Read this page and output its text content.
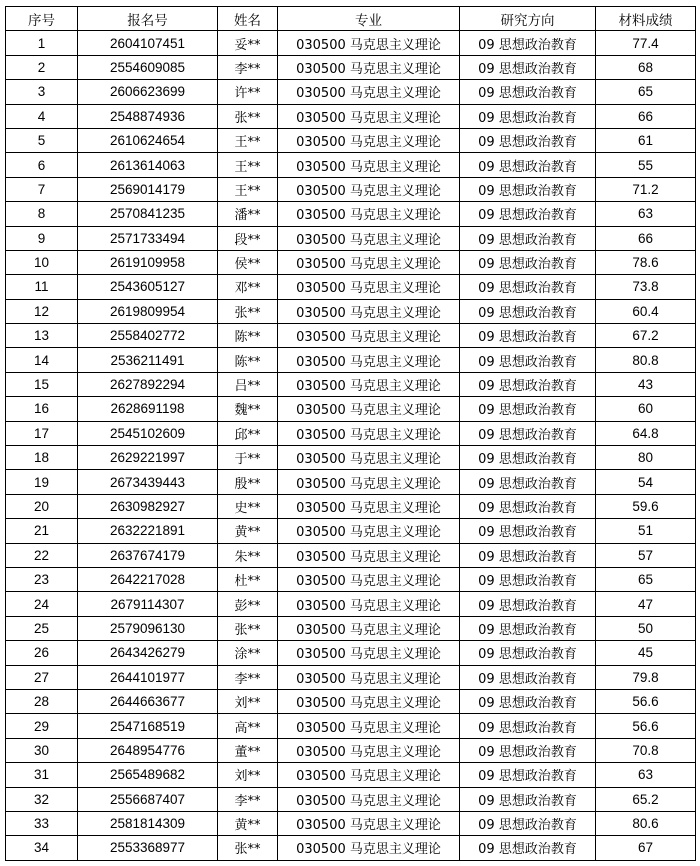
序号	报名号	姓名	专业	研究方向	材料成绩
1	2604107451	妥**	030500 马克思主义理论	09 思想政治教育	77.4
2	2554609085	李**	030500 马克思主义理论	09 思想政治教育	68
3	2606623699	许**	030500 马克思主义理论	09 思想政治教育	65
4	2548874936	张**	030500 马克思主义理论	09 思想政治教育	66
5	2610624654	王**	030500 马克思主义理论	09 思想政治教育	61
6	2613614063	王**	030500 马克思主义理论	09 思想政治教育	55
7	2569014179	王**	030500 马克思主义理论	09 思想政治教育	71.2
8	2570841235	潘**	030500 马克思主义理论	09 思想政治教育	63
9	2571733494	段**	030500 马克思主义理论	09 思想政治教育	66
10	2619109958	侯**	030500 马克思主义理论	09 思想政治教育	78.6
11	2543605127	邓**	030500 马克思主义理论	09 思想政治教育	73.8
12	2619809954	张**	030500 马克思主义理论	09 思想政治教育	60.4
13	2558402772	陈**	030500 马克思主义理论	09 思想政治教育	67.2
14	2536211491	陈**	030500 马克思主义理论	09 思想政治教育	80.8
15	2627892294	吕**	030500 马克思主义理论	09 思想政治教育	43
16	2628691198	魏**	030500 马克思主义理论	09 思想政治教育	60
17	2545102609	邱**	030500 马克思主义理论	09 思想政治教育	64.8
18	2629221997	于**	030500 马克思主义理论	09 思想政治教育	80
19	2673439443	殷**	030500 马克思主义理论	09 思想政治教育	54
20	2630982927	史**	030500 马克思主义理论	09 思想政治教育	59.6
21	2632221891	黄**	030500 马克思主义理论	09 思想政治教育	51
22	2637674179	朱**	030500 马克思主义理论	09 思想政治教育	57
23	2642217028	杜**	030500 马克思主义理论	09 思想政治教育	65
24	2679114307	彭**	030500 马克思主义理论	09 思想政治教育	47
25	2579096130	张**	030500 马克思主义理论	09 思想政治教育	50
26	2643426279	涂**	030500 马克思主义理论	09 思想政治教育	45
27	2644101977	李**	030500 马克思主义理论	09 思想政治教育	79.8
28	2644663677	刘**	030500 马克思主义理论	09 思想政治教育	56.6
29	2547168519	高**	030500 马克思主义理论	09 思想政治教育	56.6
30	2648954776	董**	030500 马克思主义理论	09 思想政治教育	70.8
31	2565489682	刘**	030500 马克思主义理论	09 思想政治教育	63
32	2556687407	李**	030500 马克思主义理论	09 思想政治教育	65.2
33	2581814309	黄**	030500 马克思主义理论	09 思想政治教育	80.6
34	2553368977	张**	030500 马克思主义理论	09 思想政治教育	67
